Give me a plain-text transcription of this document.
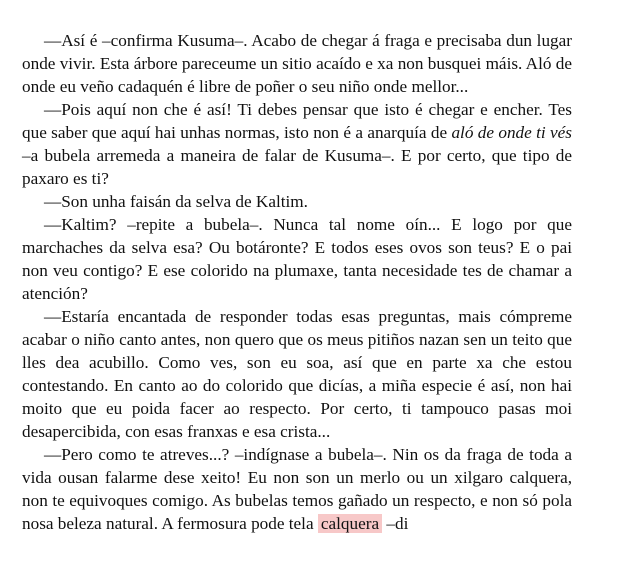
—Así é –confirma Kusuma–. Acabo de chegar á fraga e precisaba dun lugar onde vivir. Esta árbore pareceume un sitio acaído e xa non busquei máis. Aló de onde eu veño cadaquén é libre de poñer o seu niño onde mellor...

—Pois aquí non che é así! Ti debes pensar que isto é chegar e encher. Tes que saber que aquí hai unhas normas, isto non é a anarquía de aló de onde ti vés –a bubela arremeda a maneira de falar de Kusuma–. E por certo, que tipo de paxaro es ti?

—Son unha faisán da selva de Kaltim.

—Kaltim? –repite a bubela–. Nunca tal nome oín... E logo por que marchaches da selva esa? Ou botáronte? E todos eses ovos son teus? E o pai non veu contigo? E ese colorido na plumaxe, tanta necesidade tes de chamar a atención?

—Estaría encantada de responder todas esas preguntas, mais cómpreme acabar o niño canto antes, non quero que os meus pitiños nazan sen un teito que lles dea acubillo. Como ves, son eu soa, así que en parte xa che estou contestando. En canto ao do colorido que dicías, a miña especie é así, non hai moito que eu poida facer ao respecto. Por certo, ti tampouco pasas moi desapercibida, con esas franxas e esa crista...

—Pero como te atreves...? –indígnase a bubela–. Nin os da fraga de toda a vida ousan falarme dese xeito! Eu non son un merlo ou un xilgaro calquera, non te equivoques comigo. As bubelas temos gañado un respecto, e non só pola nosa beleza natural. A fermosura pode tela calquera –di
